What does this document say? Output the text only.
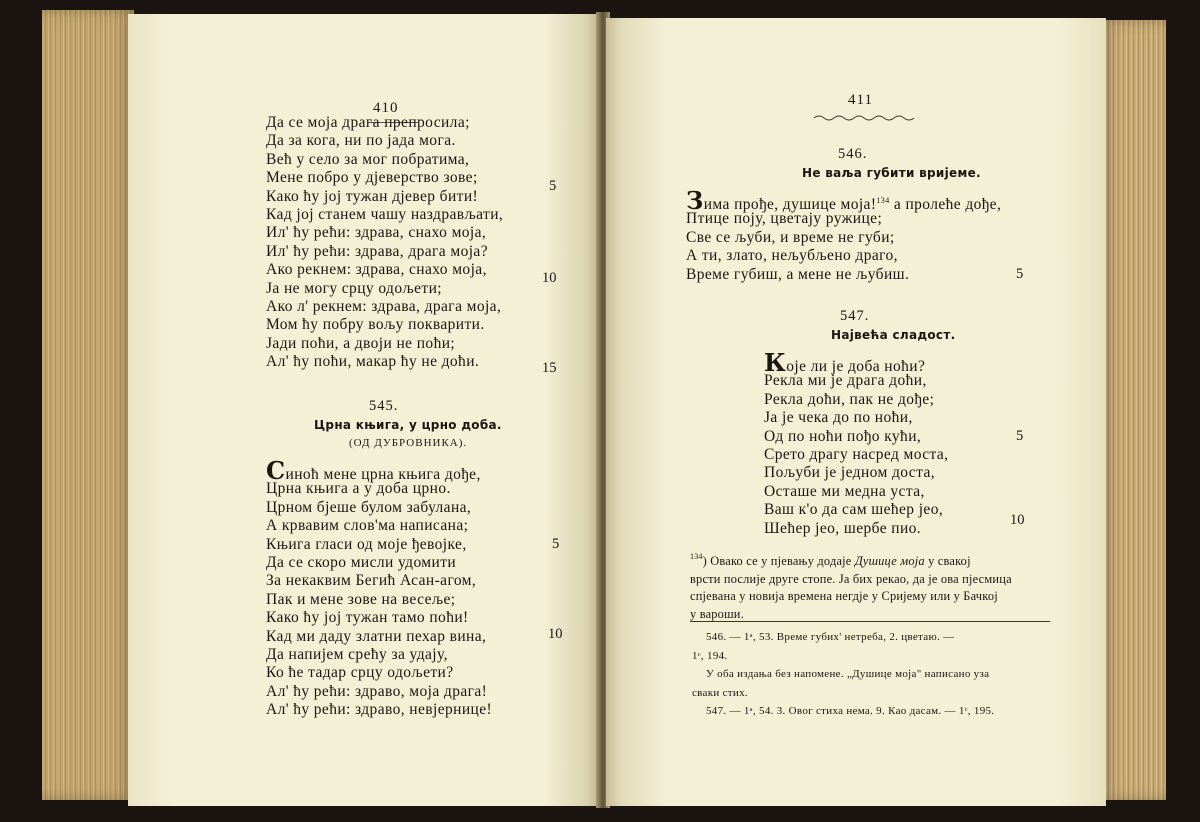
410
Да се моја драга препросила;
Да за кога, ни по јада мога.
Већ у село за мог побратима,
Мене побро у дјеверство зове;
Како ћу јој тужан дјевер бити!
Кад јој станем чашу наздрављати,
Ил' ћу рећи: здрава, снахо моја,
Ил' ћу рећи: здрава, драга моја?
Ако рекнем: здрава, снахо моја,
Ја не могу срцу одољети;
Ако л' рекнем: здрава, драга моја,
Мом ћу побру вољу покварити.
Јади поћи, а двоји не поћи;
Ал' ћу поћи, макар ћу не доћи.
5
10
15
545.
Црна књига, у црно доба.
(ОД ДУБРОВНИКА).
Синоћ мене црна књига дође,
Црна књига а у доба црно.
Црном бјеше булом забулана,
А крвавим слов'ма написана;
Књига гласи од моје ђевојке,
Да се скоро мисли удомити
За некаквим Бегић Асан-агом,
Пак и мене зове на весеље;
Како ћу јој тужан тамо поћи!
Кад ми даду златни пехар вина,
Да напијем срећу за удају,
Ко ће тадар срцу одољети?
Ал' ћу рећи: здраво, моја драга!
Ал' ћу рећи: здраво, невјернице!
5
10
411
546.
Не ваља губити вријеме.
Зима прође, душице моја!$^{134}$ а пролеће дође,
Птице поју, цветају ружице;
Све се љуби, и време не губи;
А ти, злато, нељубљено драго,
Време губиш, а мене не љубиш.	5
547.
Највећа сладост.
Које ли је доба ноћи?
Рекла ми је драга доћи,
Рекла доћи, пак не дође;
Ја је чека до по ноћи,
Од по ноћи пођо кући,
Срето драгу насред моста,
Пољуби је једном доста,
Осташе ми медна уста,
Ваш к'о да сам шећер јео,
Шећер јео, шербе пио.
5
10
$^{134}$) Овако се у пјевању додаје Душице моја у свакој
врсти послије друге стопе. Ја бих рекао, да је ова пјесмица
спјевана у новија времена негдје у Сријему или у Бачкој
у вароши.
546. — 1ᵃ, 53. Време губих' нетреба, 2. цветаю. —
1ᶜ, 194.
У оба издања без напомене. „Душице моја" написано уза
сваки стих.
547. — 1ᵃ, 54. 3. Овог стиха нема. 9. Као дасам. — 1ᶜ, 195.
